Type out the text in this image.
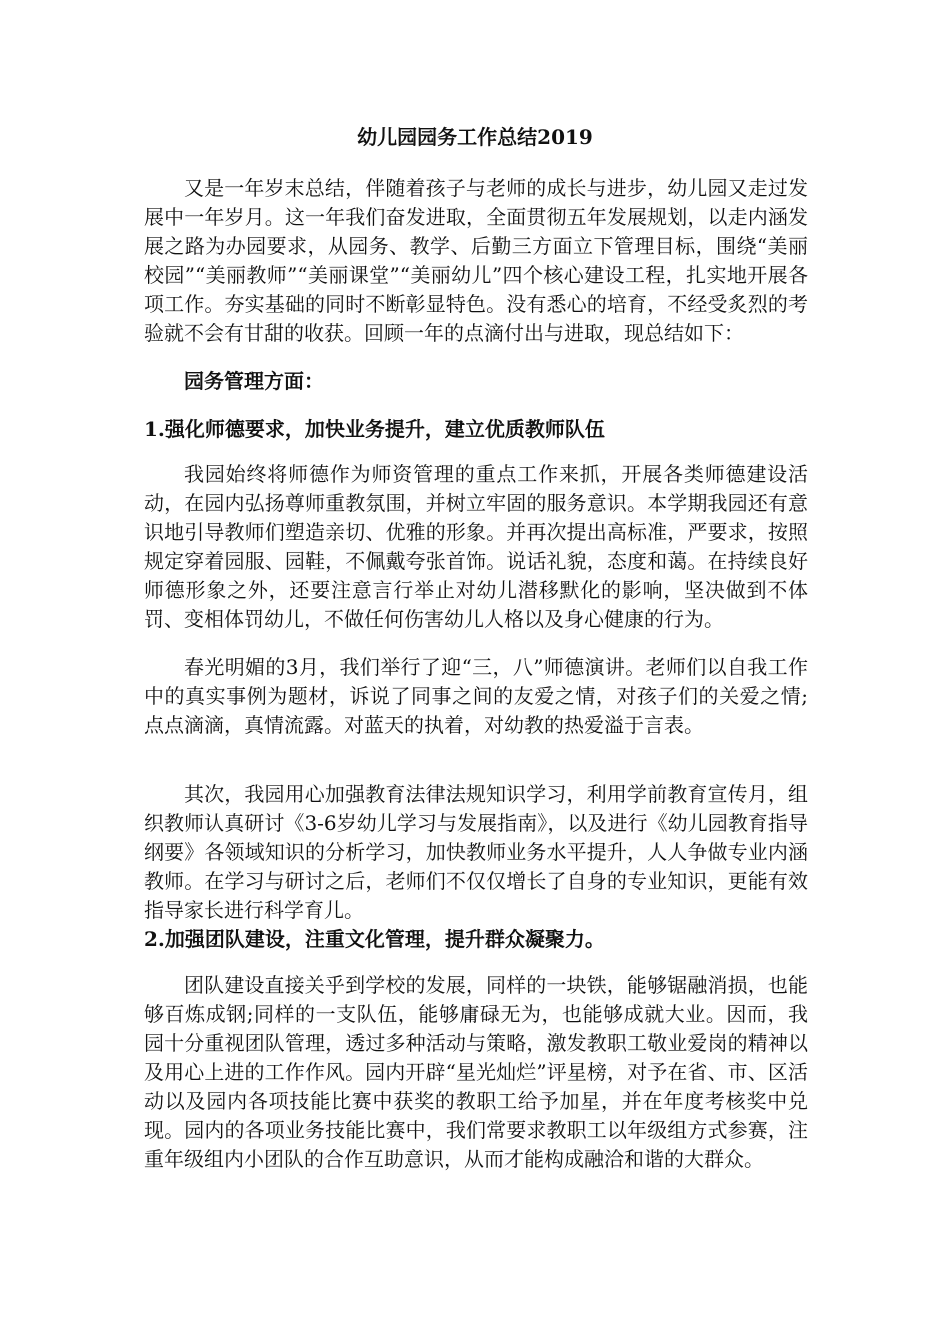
幼儿园园务工作总结2019

又是一年岁末总结，伴随着孩子与老师的成长与进步，幼儿园又走过发展中一年岁月。这一年我们奋发进取，全面贯彻五年发展规划，以走内涵发展之路为办园要求，从园务、教学、后勤三方面立下管理目标，围绕“美丽校园”“美丽教师”“美丽课堂”“美丽幼儿”四个核心建设工程，扎实地开展各项工作。夯实基础的同时不断彰显特色。没有悉心的培育，不经受炙烈的考验就不会有甘甜的收获。回顾一年的点滴付出与进取，现总结如下：

园务管理方面：
1.强化师德要求，加快业务提升，建立优质教师队伍

我园始终将师德作为师资管理的重点工作来抓，开展各类师德建设活动，在园内弘扬尊师重教氛围，并树立牢固的服务意识。本学期我园还有意识地引导教师们塑造亲切、优雅的形象。并再次提出高标准，严要求，按照规定穿着园服、园鞋，不佩戴夸张首饰。说话礼貌，态度和蔼。在持续良好师德形象之外，还要注意言行举止对幼儿潜移默化的影响，坚决做到不体罚、变相体罚幼儿，不做任何伤害幼儿人格以及身心健康的行为。

春光明媚的3月，我们举行了迎“三，八”师德演讲。老师们以自我工作中的真实事例为题材，诉说了同事之间的友爱之情，对孩子们的关爱之情;点点滴滴，真情流露。对蓝天的执着，对幼教的热爱溢于言表。

其次，我园用心加强教育法律法规知识学习，利用学前教育宣传月，组织教师认真研讨《3-6岁幼儿学习与发展指南》，以及进行《幼儿园教育指导纲要》各领域知识的分析学习，加快教师业务水平提升，人人争做专业内涵教师。在学习与研讨之后，老师们不仅仅增长了自身的专业知识，更能有效指导家长进行科学育儿。

2.加强团队建设，注重文化管理，提升群众凝聚力。

团队建设直接关乎到学校的发展，同样的一块铁，能够锯融消损，也能够百炼成钢;同样的一支队伍，能够庸碌无为，也能够成就大业。因而，我园十分重视团队管理，透过多种活动与策略，激发教职工敬业爱岗的精神以及用心上进的工作作风。园内开辟“星光灿烂”评星榜，对予在省、市、区活动以及园内各项技能比赛中获奖的教职工给予加星，并在年度考核奖中兑现。园内的各项业务技能比赛中，我们常要求教职工以年级组方式参赛，注重年级组内小团队的合作互助意识，从而才能构成融洽和谐的大群众。
